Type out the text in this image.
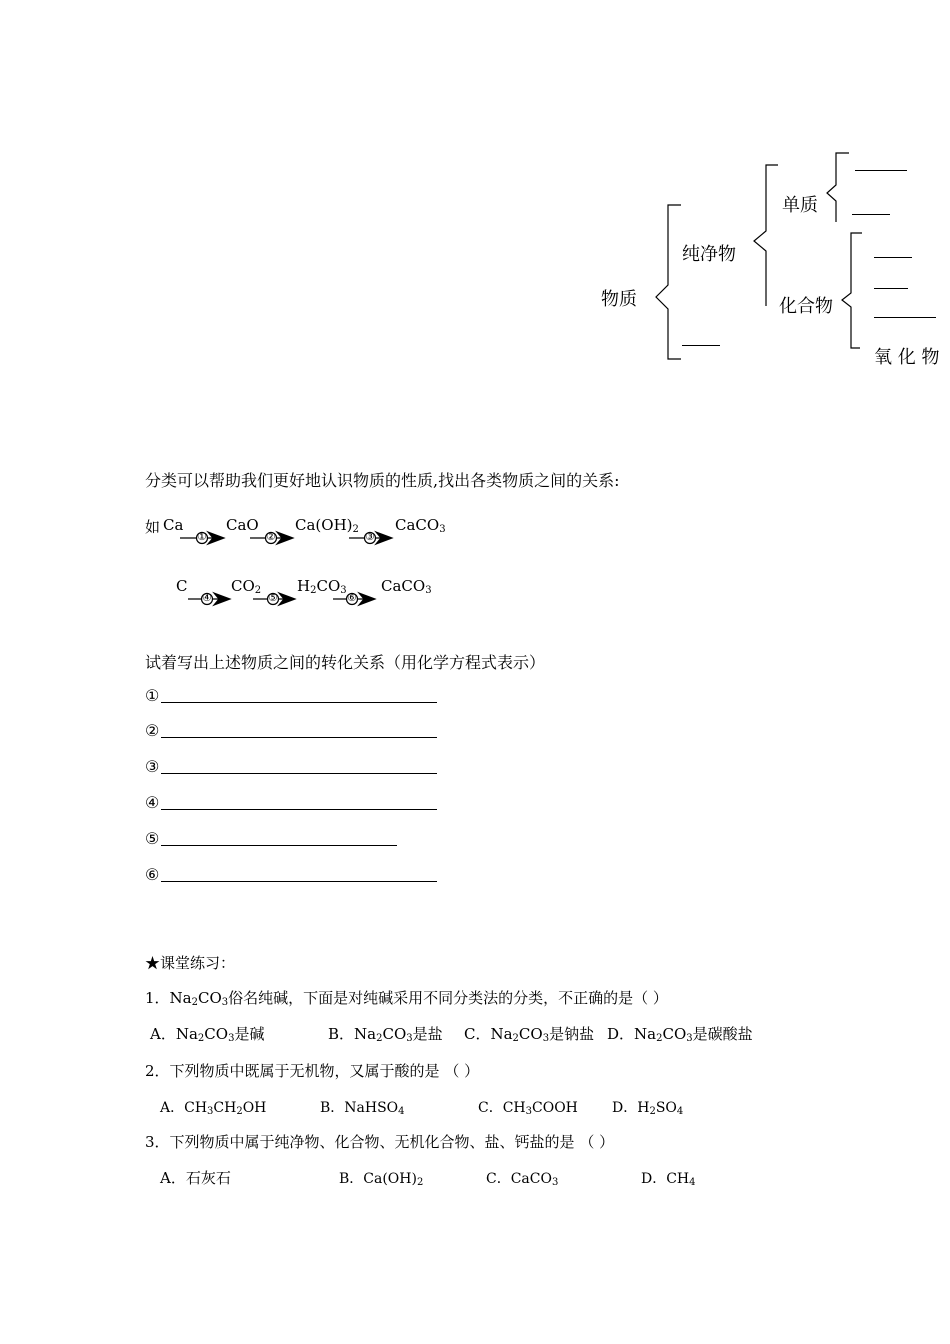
物质
纯净物
单质
化合物
氧 化 物
分类可以帮助我们更好地认识物质的性质,找出各类物质之间的关系:
①	②	③
④	⑤	⑥
如 Ca	CaO $Ca(OH)_2$ CaCO$_3$
C	$CO_2$ $H_2CO_3$ CaCO$_3$
试着写出上述物质之间的转化关系（用化学方程式表示）
①
②
③
④
⑤
⑥
★课堂练习：
1．$Na_2CO_3$俗名纯碱，下面是对纯碱采用不同分类法的分类，不正确的是（ ）
A．$Na_2CO_3$是碱	B．$Na_2CO_3$是盐 C．$Na_2CO_3$是钠盐 D．$Na_2CO_3$是碳酸盐
2．下列物质中既属于无机物，又属于酸的是 （ ）
A．$CH_3CH_2OH$	B．NaHSO$_4$	C．$CH_3COOH$ D．$H_2SO_4$
3．下列物质中属于纯净物、化合物、无机化合物、盐、钙盐的是 （ ）
A．石灰石	B．$Ca(OH)_2$	C．CaCO$_3$	D．$CH_4$
